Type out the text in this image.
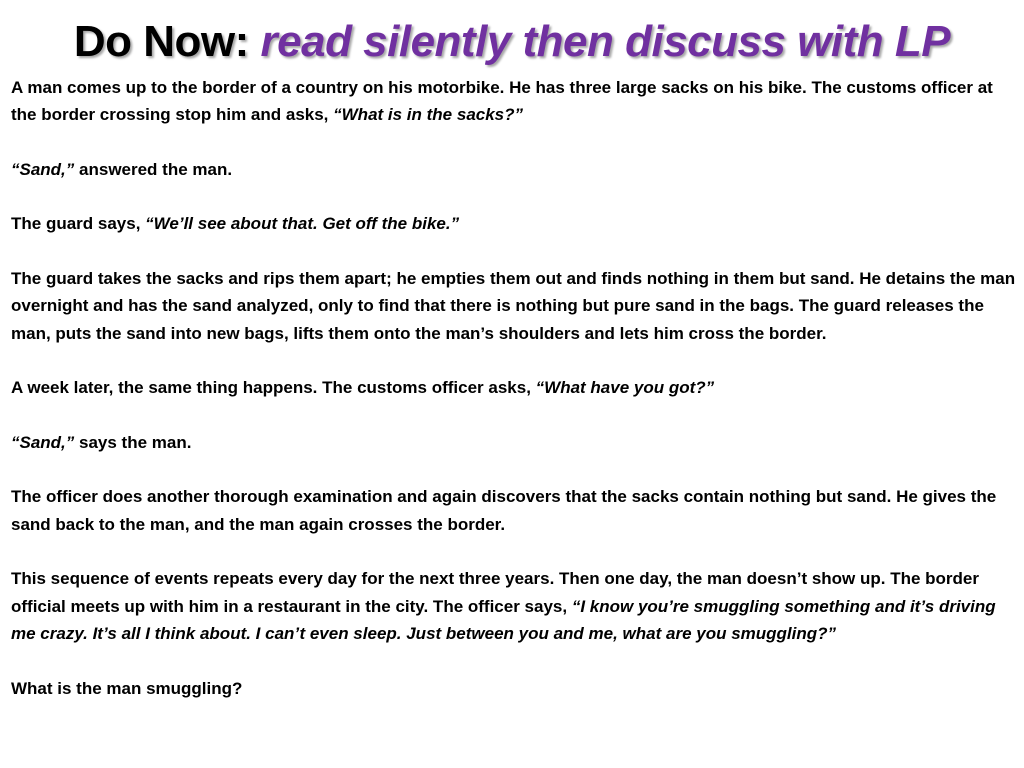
Do Now: read silently then discuss with LP

A man comes up to the border of a country on his motorbike. He has three large sacks on his bike. The customs officer at the border crossing stop him and asks, “What is in the sacks?”

“Sand,” answered the man.

The guard says, “We’ll see about that. Get off the bike.”

The guard takes the sacks and rips them apart; he empties them out and finds nothing in them but sand. He detains the man overnight and has the sand analyzed, only to find that there is nothing but pure sand in the bags. The guard releases the man, puts the sand into new bags, lifts them onto the man’s shoulders and lets him cross the border.

A week later, the same thing happens. The customs officer asks, “What have you got?”

“Sand,” says the man.

The officer does another thorough examination and again discovers that the sacks contain nothing but sand. He gives the sand back to the man, and the man again crosses the border.

This sequence of events repeats every day for the next three years. Then one day, the man doesn’t show up. The border official meets up with him in a restaurant in the city. The officer says, “I know you’re smuggling something and it’s driving me crazy. It’s all I think about. I can’t even sleep. Just between you and me, what are you smuggling?”

What is the man smuggling?
